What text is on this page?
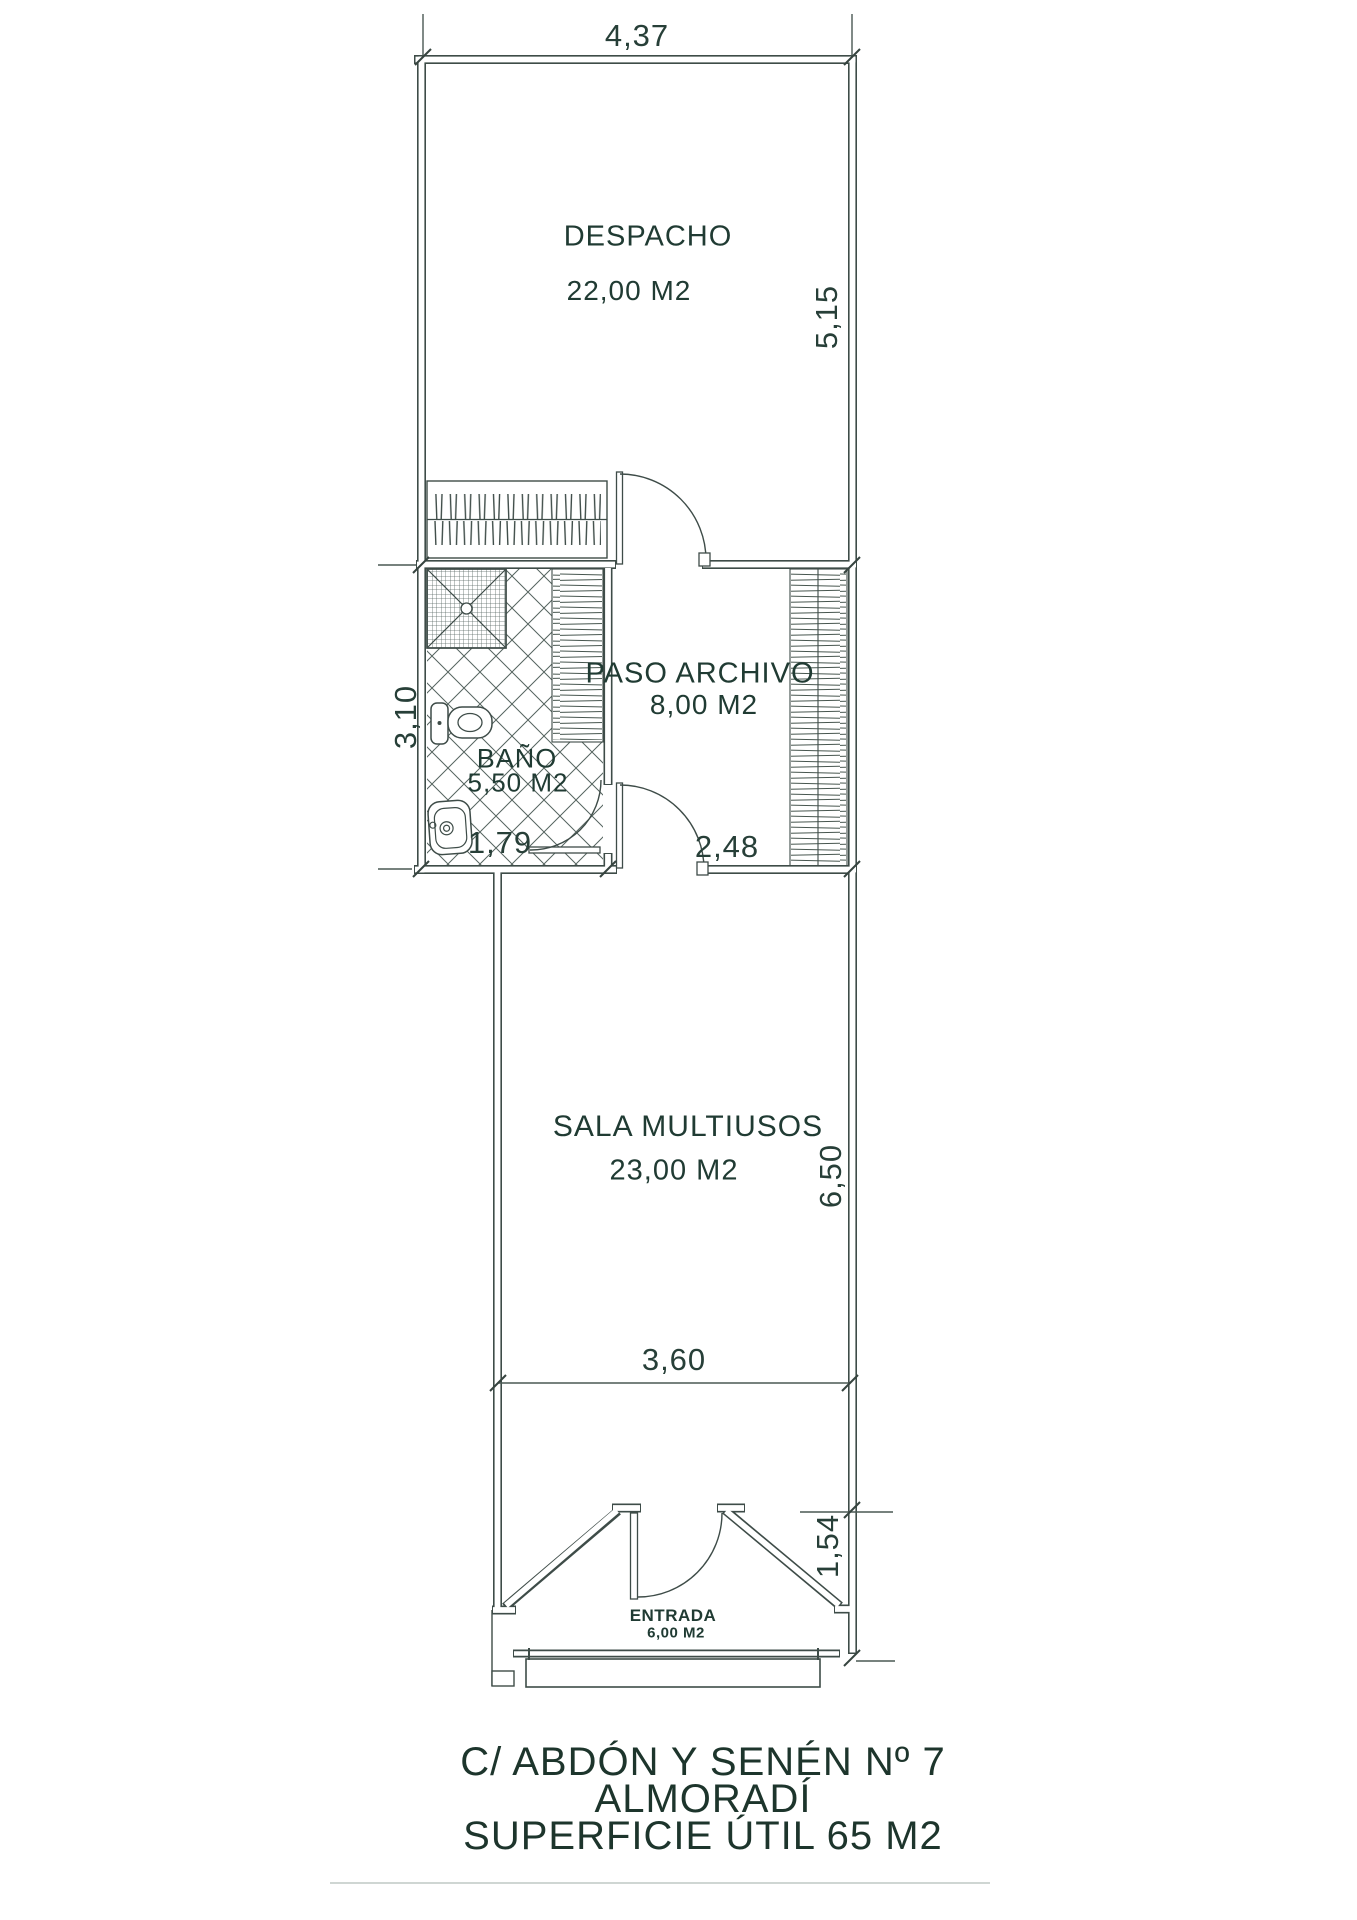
DESPACHO
22,00 M2
PASO ARCHIVO
8,00 M2
BAÑO
5,50 M2
SALA MULTIUSOS
23,00 M2
ENTRADA
6,00 M2
4,37
5,15
3,10
1,79	2,48
6,50
3,60
1,54
C/ ABDÓN Y SENÉN Nº 7
ALMORADÍ
SUPERFICIE ÚTIL 65 M2
